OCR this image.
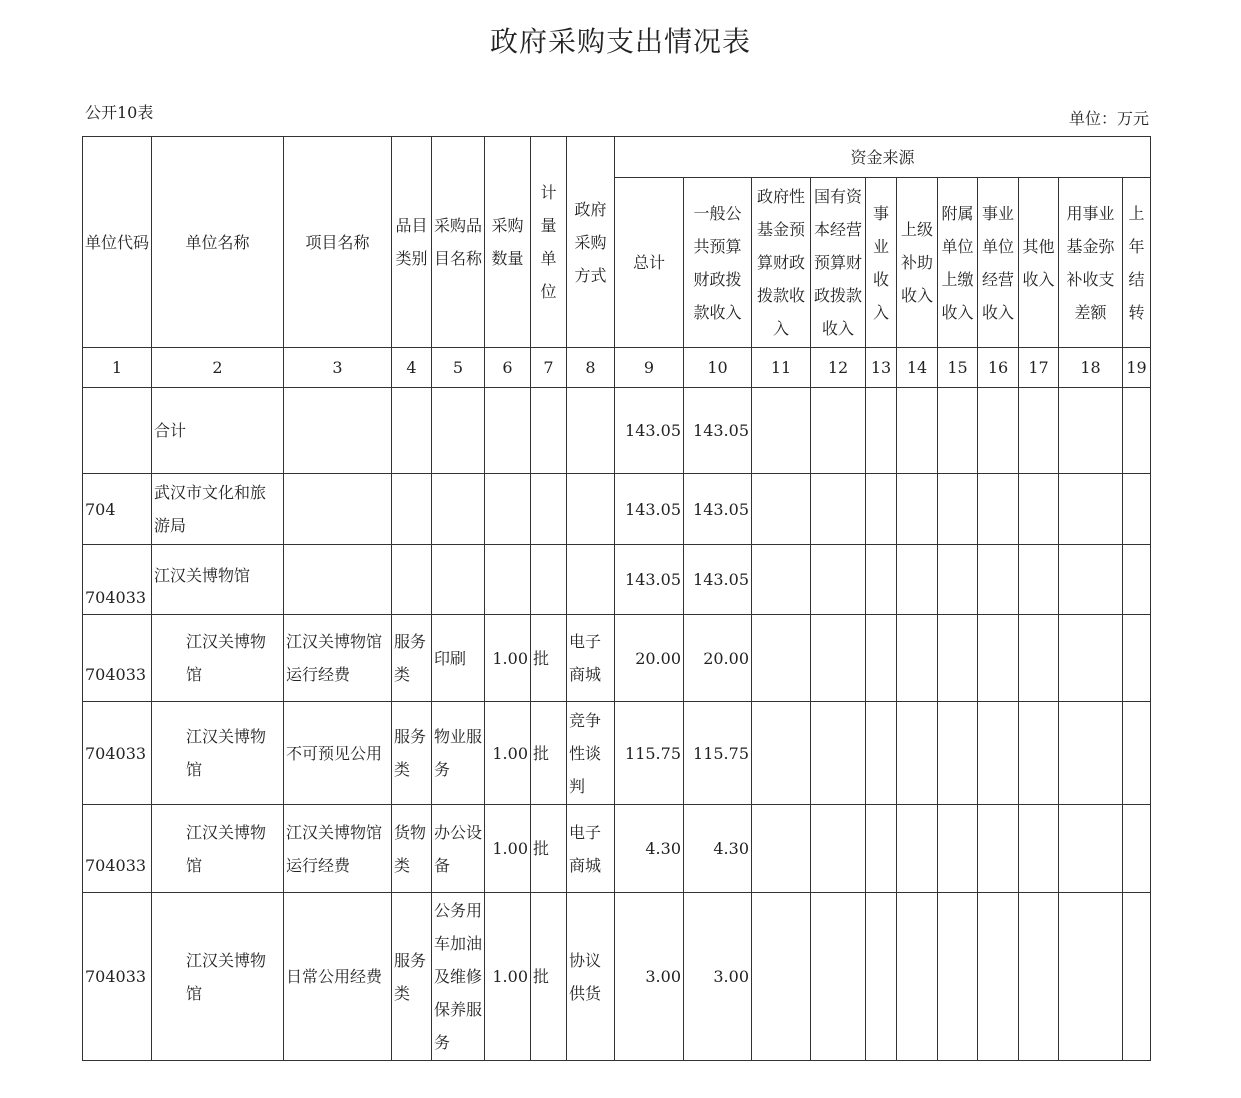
政府采购支出情况表
公开10表	单位：万元
单位代码	单位名称	项目名称	品目类别	采购品目名称	采购数量	计量单位	政府采购方式	资金来源										
								总计	一般公共预算财政拨款收入	政府性基金预算财政拨款收入	国有资本经营预算财政拨款收入	事业收入	上级补助收入	附属单位上缴收入	事业单位经营收入	其他收入	用事业基金弥补收支差额	上年结转
1	2	3	4	5	6	7	8	9	10	11	12	13	14	15	16	17	18	19
	合计							143.05	143.05									
704	武汉市文化和旅游局							143.05	143.05									
704033	江汉关博物馆							143.05	143.05									
704033	江汉关博物馆	江汉关博物馆运行经费	服务类	印刷	1.00	批	电子商城	20.00	20.00									
704033	江汉关博物馆	不可预见公用	服务类	物业服务	1.00	批	竞争性谈判	115.75	115.75									
704033	江汉关博物馆	江汉关博物馆运行经费	货物类	办公设备	1.00	批	电子商城	4.30	4.30									
704033	江汉关博物馆	日常公用经费	服务类	公务用车加油及维修保养服务	1.00	批	协议供货	3.00	3.00									
